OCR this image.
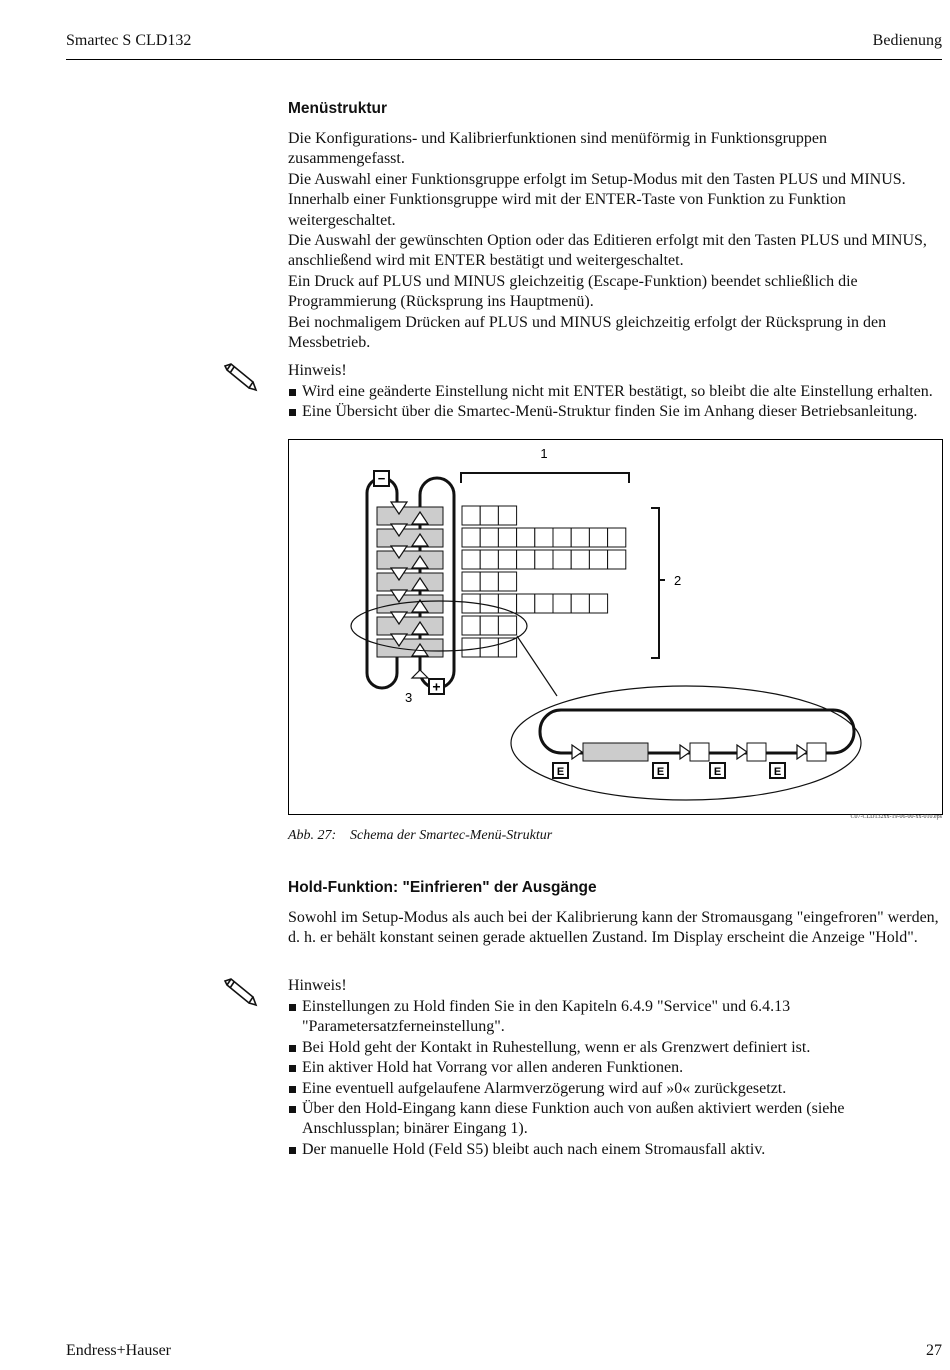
Smartec S CLD132	Bedienung
Menüstruktur

Die Konfigurations- und Kalibrierfunktionen sind menüförmig in Funktionsgruppen zusammengefasst.

Die Auswahl einer Funktionsgruppe erfolgt im Setup-Modus mit den Tasten PLUS und MINUS.

Innerhalb einer Funktionsgruppe wird mit der ENTER-Taste von Funktion zu Funktion weitergeschaltet.

Die Auswahl der gewünschten Option oder das Editieren erfolgt mit den Tasten PLUS und MINUS, anschließend wird mit ENTER bestätigt und weitergeschaltet.

Ein Druck auf PLUS und MINUS gleichzeitig (Escape-Funktion) beendet schließlich die Programmierung (Rücksprung ins Hauptmenü).

Bei nochmaligem Drücken auf PLUS und MINUS gleichzeitig erfolgt der Rücksprung in den Messbetrieb.

Hinweis!
Wird eine geänderte Einstellung nicht mit ENTER bestätigt, so bleibt die alte Einstellung erhalten.
Eine Übersicht über die Smartec-Menü-Struktur finden Sie im Anhang dieser Betriebsanleitung.
1
2
3
−
+
E	E	E	E
C07-CLD132xx-19-06-00-xx-010.eps
Abb. 27: Schema der Smartec-Menü-Struktur
Hold-Funktion: "Einfrieren" der Ausgänge
Sowohl im Setup-Modus als auch bei der Kalibrierung kann der Stromausgang "eingefroren" werden, d. h. er behält konstant seinen gerade aktuellen Zustand. Im Display erscheint die Anzeige "Hold".
Hinweis!
Einstellungen zu Hold finden Sie in den Kapiteln 6.4.9 "Service" und 6.4.13 "Parametersatzferneinstellung".
Bei Hold geht der Kontakt in Ruhestellung, wenn er als Grenzwert definiert ist.
Ein aktiver Hold hat Vorrang vor allen anderen Funktionen.
Eine eventuell aufgelaufene Alarmverzögerung wird auf »0« zurückgesetzt.
Über den Hold-Eingang kann diese Funktion auch von außen aktiviert werden (siehe Anschlussplan; binärer Eingang 1).
Der manuelle Hold (Feld S5) bleibt auch nach einem Stromausfall aktiv.
Endress+Hauser	27
